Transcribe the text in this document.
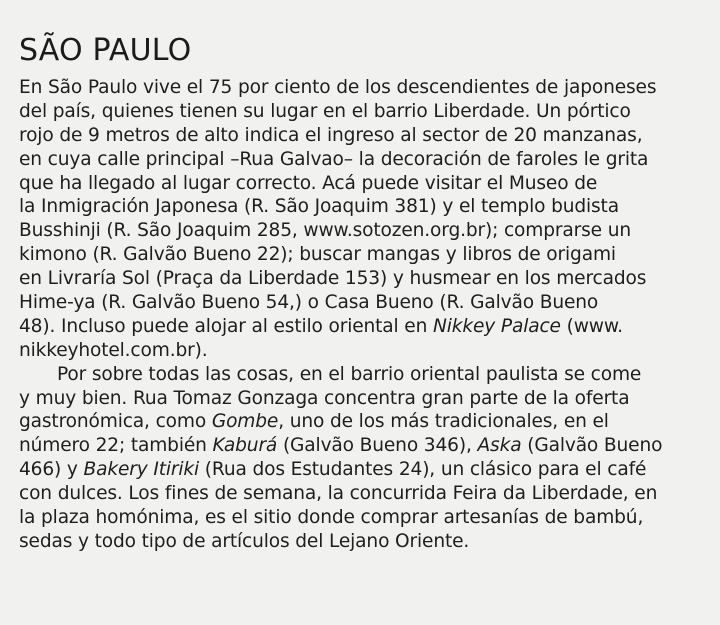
SÃO PAULO
En São Paulo vive el 75 por ciento de los descendientes de japoneses
del país, quienes tienen su lugar en el barrio Liberdade. Un pórtico
rojo de 9 metros de alto indica el ingreso al sector de 20 manzanas,
en cuya calle principal –Rua Galvao– la decoración de faroles le grita
que ha llegado al lugar correcto. Acá puede visitar el Museo de
la Inmigración Japonesa (R. São Joaquim 381) y el templo budista
Busshinji (R. São Joaquim 285, www.sotozen.org.br); comprarse un
kimono (R. Galvão Bueno 22); buscar mangas y libros de origami
en Livraría Sol (Praça da Liberdade 153) y husmear en los mercados
Hime-ya (R. Galvão Bueno 54,) o Casa Bueno (R. Galvão Bueno
48). Incluso puede alojar al estilo oriental en Nikkey Palace (www.
nikkeyhotel.com.br).
Por sobre todas las cosas, en el barrio oriental paulista se come
y muy bien. Rua Tomaz Gonzaga concentra gran parte de la oferta
gastronómica, como Gombe, uno de los más tradicionales, en el
número 22; también Kaburá (Galvão Bueno 346), Aska (Galvão Bueno
466) y Bakery Itiriki (Rua dos Estudantes 24), un clásico para el café
con dulces. Los fines de semana, la concurrida Feira da Liberdade, en
la plaza homónima, es el sitio donde comprar artesanías de bambú,
sedas y todo tipo de artículos del Lejano Oriente.
